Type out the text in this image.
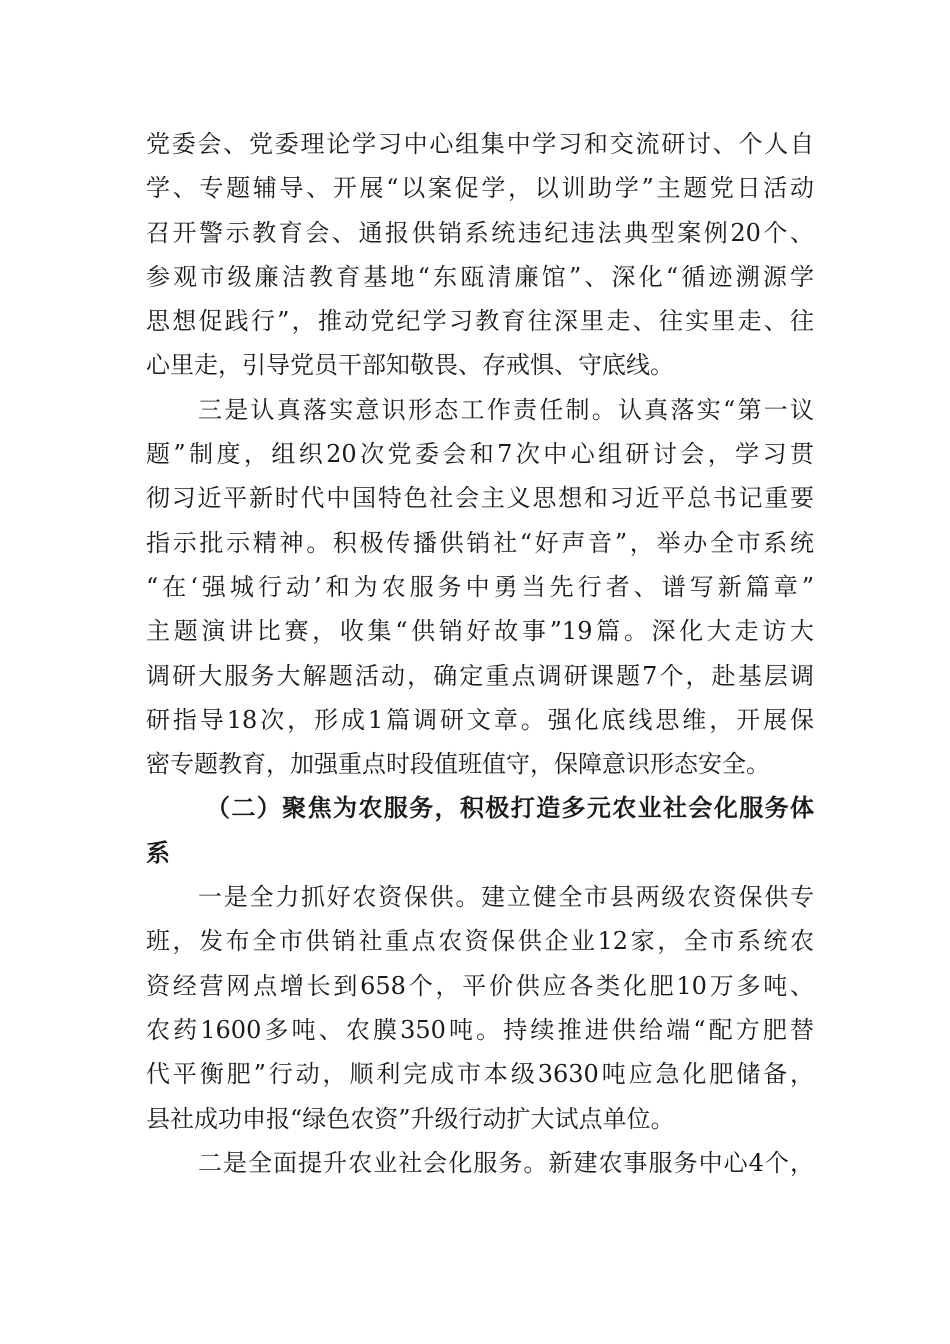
党委会、党委理论学习中心组集中学习和交流研讨、个人自
学、专题辅导、开展“以案促学，以训助学”主题党日活动
召开警示教育会、通报供销系统违纪违法典型案例20个、
参观市级廉洁教育基地“东瓯清廉馆”、深化“循迹溯源学
思想促践行”，推动党纪学习教育往深里走、往实里走、往
心里走，引导党员干部知敬畏、存戒惧、守底线。
三是认真落实意识形态工作责任制。认真落实“第一议
题”制度，组织20次党委会和7次中心组研讨会，学习贯
彻习近平新时代中国特色社会主义思想和习近平总书记重要
指示批示精神。积极传播供销社“好声音”，举办全市系统
“在‘强城行动’和为农服务中勇当先行者、谱写新篇章”
主题演讲比赛，收集“供销好故事”19篇。深化大走访大
调研大服务大解题活动，确定重点调研课题7个，赴基层调
研指导18次，形成1篇调研文章。强化底线思维，开展保
密专题教育，加强重点时段值班值守，保障意识形态安全。
（二）聚焦为农服务，积极打造多元农业社会化服务体
系
一是全力抓好农资保供。建立健全市县两级农资保供专
班，发布全市供销社重点农资保供企业12家，全市系统农
资经营网点增长到658个，平价供应各类化肥10万多吨、
农药1600多吨、农膜350吨。持续推进供给端“配方肥替
代平衡肥”行动，顺利完成市本级3630吨应急化肥储备，
县社成功申报“绿色农资”升级行动扩大试点单位。
二是全面提升农业社会化服务。新建农事服务中心4个，
